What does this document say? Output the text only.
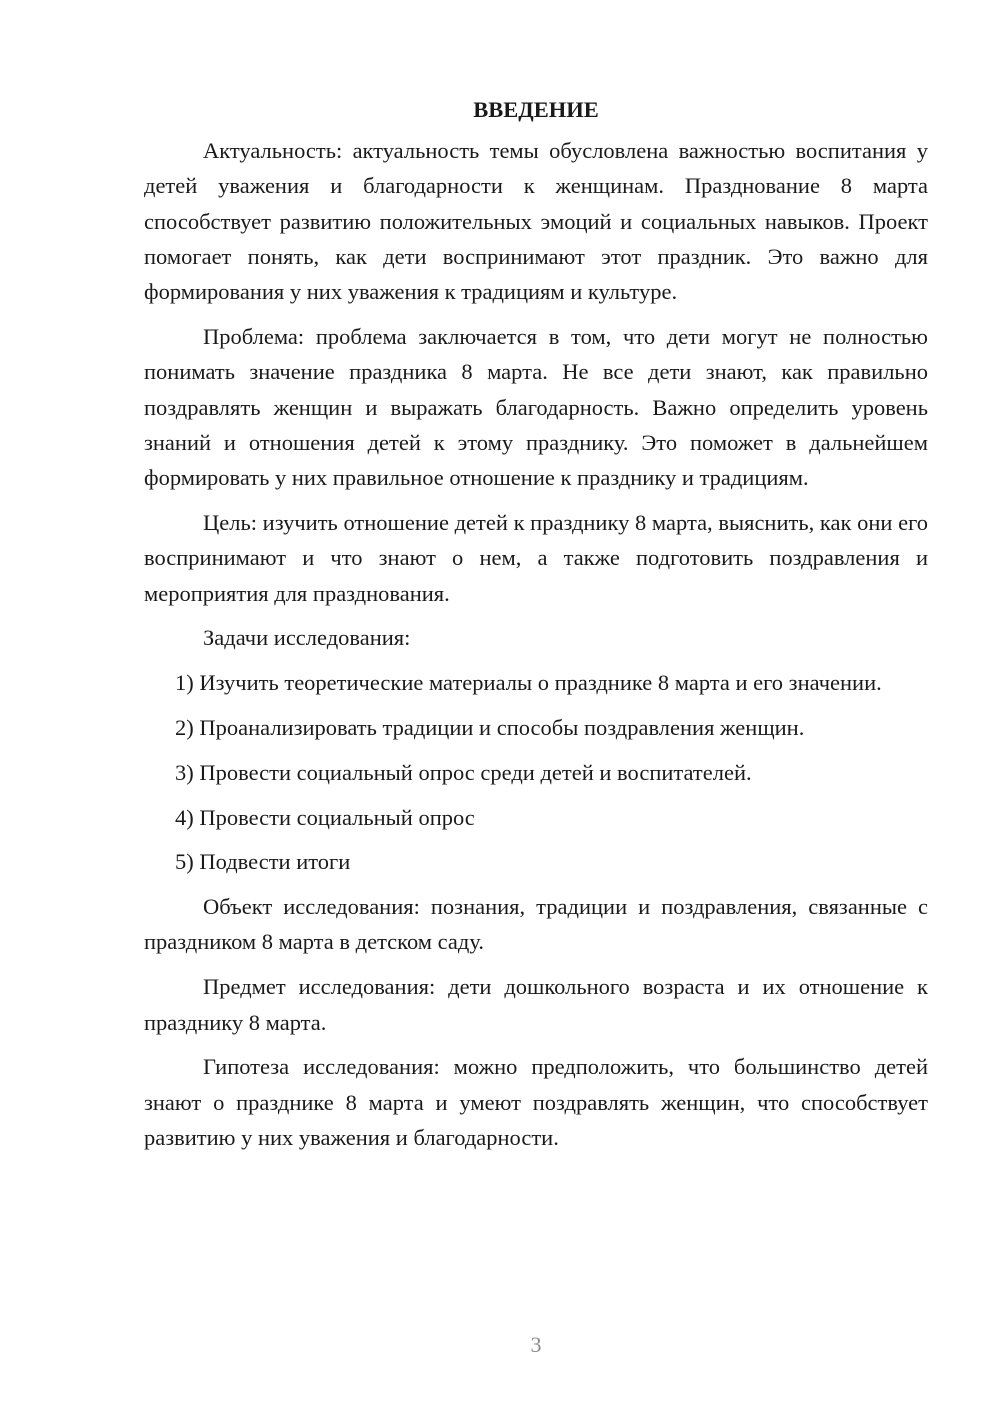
ВВЕДЕНИЕ

Актуальность: актуальность темы обусловлена важностью воспитания у детей уважения и благодарности к женщинам. Празднование 8 марта способствует развитию положительных эмоций и социальных навыков. Проект помогает понять, как дети воспринимают этот праздник. Это важно для формирования у них уважения к традициям и культуре.

Проблема: проблема заключается в том, что дети могут не полностью понимать значение праздника 8 марта. Не все дети знают, как правильно поздравлять женщин и выражать благодарность. Важно определить уровень знаний и отношения детей к этому празднику. Это поможет в дальнейшем формировать у них правильное отношение к празднику и традициям.

Цель: изучить отношение детей к празднику 8 марта, выяснить, как они его воспринимают и что знают о нем, а также подготовить поздравления и мероприятия для празднования.

Задачи исследования:

1) Изучить теоретические материалы о празднике 8 марта и его значении.

2) Проанализировать традиции и способы поздравления женщин.

3) Провести социальный опрос среди детей и воспитателей.

4) Провести социальный опрос

5) Подвести итоги

Объект исследования: познания, традиции и поздравления, связанные с праздником 8 марта в детском саду.

Предмет исследования: дети дошкольного возраста и их отношение к празднику 8 марта.

Гипотеза исследования: можно предположить, что большинство детей знают о празднике 8 марта и умеют поздравлять женщин, что способствует развитию у них уважения и благодарности.

3
